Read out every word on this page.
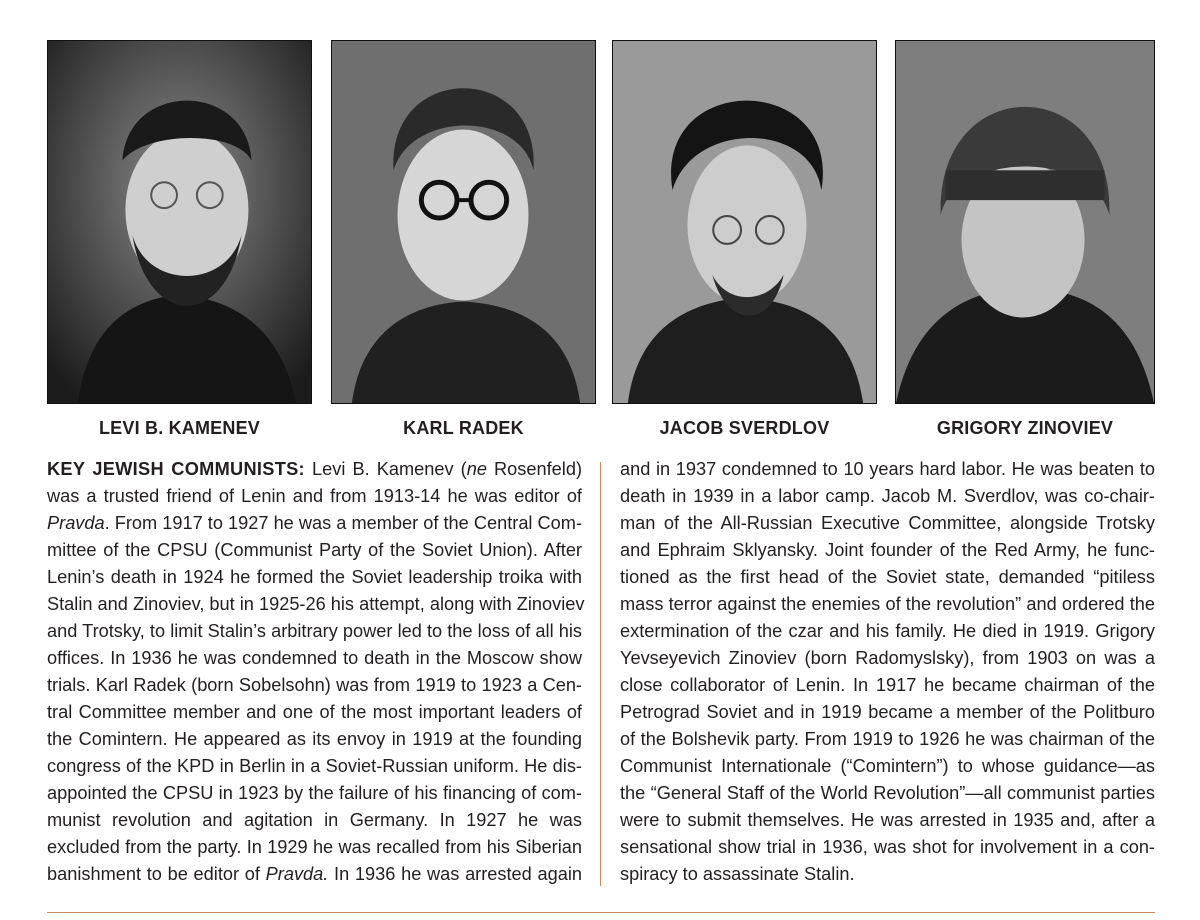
LEVI B. KAMENEV	KARL RADEK	JACOB SVERDLOV	GRIGORY ZINOVIEV
KEY JEWISH COMMUNISTS: Levi B. Kamenev (ne Rosenfeld)
was a trusted friend of Lenin and from 1913-14 he was editor of
Pravda. From 1917 to 1927 he was a member of the Central Com-
mittee of the CPSU (Communist Party of the Soviet Union). After
Lenin’s death in 1924 he formed the Soviet leadership troika with
Stalin and Zinoviev, but in 1925-26 his attempt, along with Zinoviev
and Trotsky, to limit Stalin’s arbitrary power led to the loss of all his
offices. In 1936 he was condemned to death in the Moscow show
trials. Karl Radek (born Sobelsohn) was from 1919 to 1923 a Cen-
tral Committee member and one of the most important leaders of
the Comintern. He appeared as its envoy in 1919 at the founding
congress of the KPD in Berlin in a Soviet-Russian uniform. He dis-
appointed the CPSU in 1923 by the failure of his financing of com-
munist revolution and agitation in Germany. In 1927 he was
excluded from the party. In 1929 he was recalled from his Siberian
banishment to be editor of Pravda. In 1936 he was arrested again
and in 1937 condemned to 10 years hard labor. He was beaten to
death in 1939 in a labor camp. Jacob M. Sverdlov, was co-chair-
man of the All-Russian Executive Committee, alongside Trotsky
and Ephraim Sklyansky. Joint founder of the Red Army, he func-
tioned as the first head of the Soviet state, demanded “pitiless
mass terror against the enemies of the revolution” and ordered the
extermination of the czar and his family. He died in 1919. Grigory
Yevseyevich Zinoviev (born Radomyslsky), from 1903 on was a
close collaborator of Lenin. In 1917 he became chairman of the
Petrograd Soviet and in 1919 became a member of the Politburo
of the Bolshevik party. From 1919 to 1926 he was chairman of the
Communist Internationale (“Comintern”) to whose guidance—as
the “General Staff of the World Revolution”—all communist parties
were to submit themselves. He was arrested in 1935 and, after a
sensational show trial in 1936, was shot for involvement in a con-
spiracy to assassinate Stalin.
